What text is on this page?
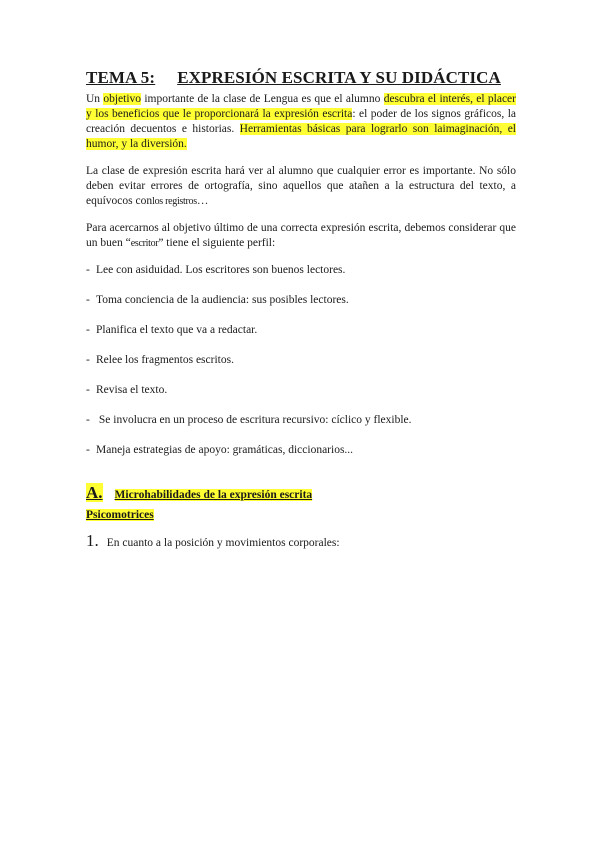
TEMA 5: EXPRESIÓN ESCRITA Y SU DIDÁCTICA

Un objetivo importante de la clase de Lengua es que el alumno descubra el interés, el placer y los beneficios que le proporcionará la expresión escrita: el poder de los signos gráficos, la creación decuentos e historias. Herramientas básicas para lograrlo son laimaginación, el humor, y la diversión.

La clase de expresión escrita hará ver al alumno que cualquier error es importante. No sólo deben evitar errores de ortografía, sino aquellos que atañen a la estructura del texto, a equívocos conlos registros…

Para acercarnos al objetivo último de una correcta expresión escrita, debemos considerar que un buen “escritor” tiene el siguiente perfil:

- Lee con asiduidad. Los escritores son buenos lectores.
- Toma conciencia de la audiencia: sus posibles lectores.
- Planifica el texto que va a redactar.
- Relee los fragmentos escritos.
- Revisa el texto.
- Se involucra en un proceso de escritura recursivo: cíclico y flexible.
- Maneja estrategias de apoyo: gramáticas, diccionarios...
A. Microhabilidades de la expresión escrita
Psicomotrices
1. En cuanto a la posición y movimientos corporales:
